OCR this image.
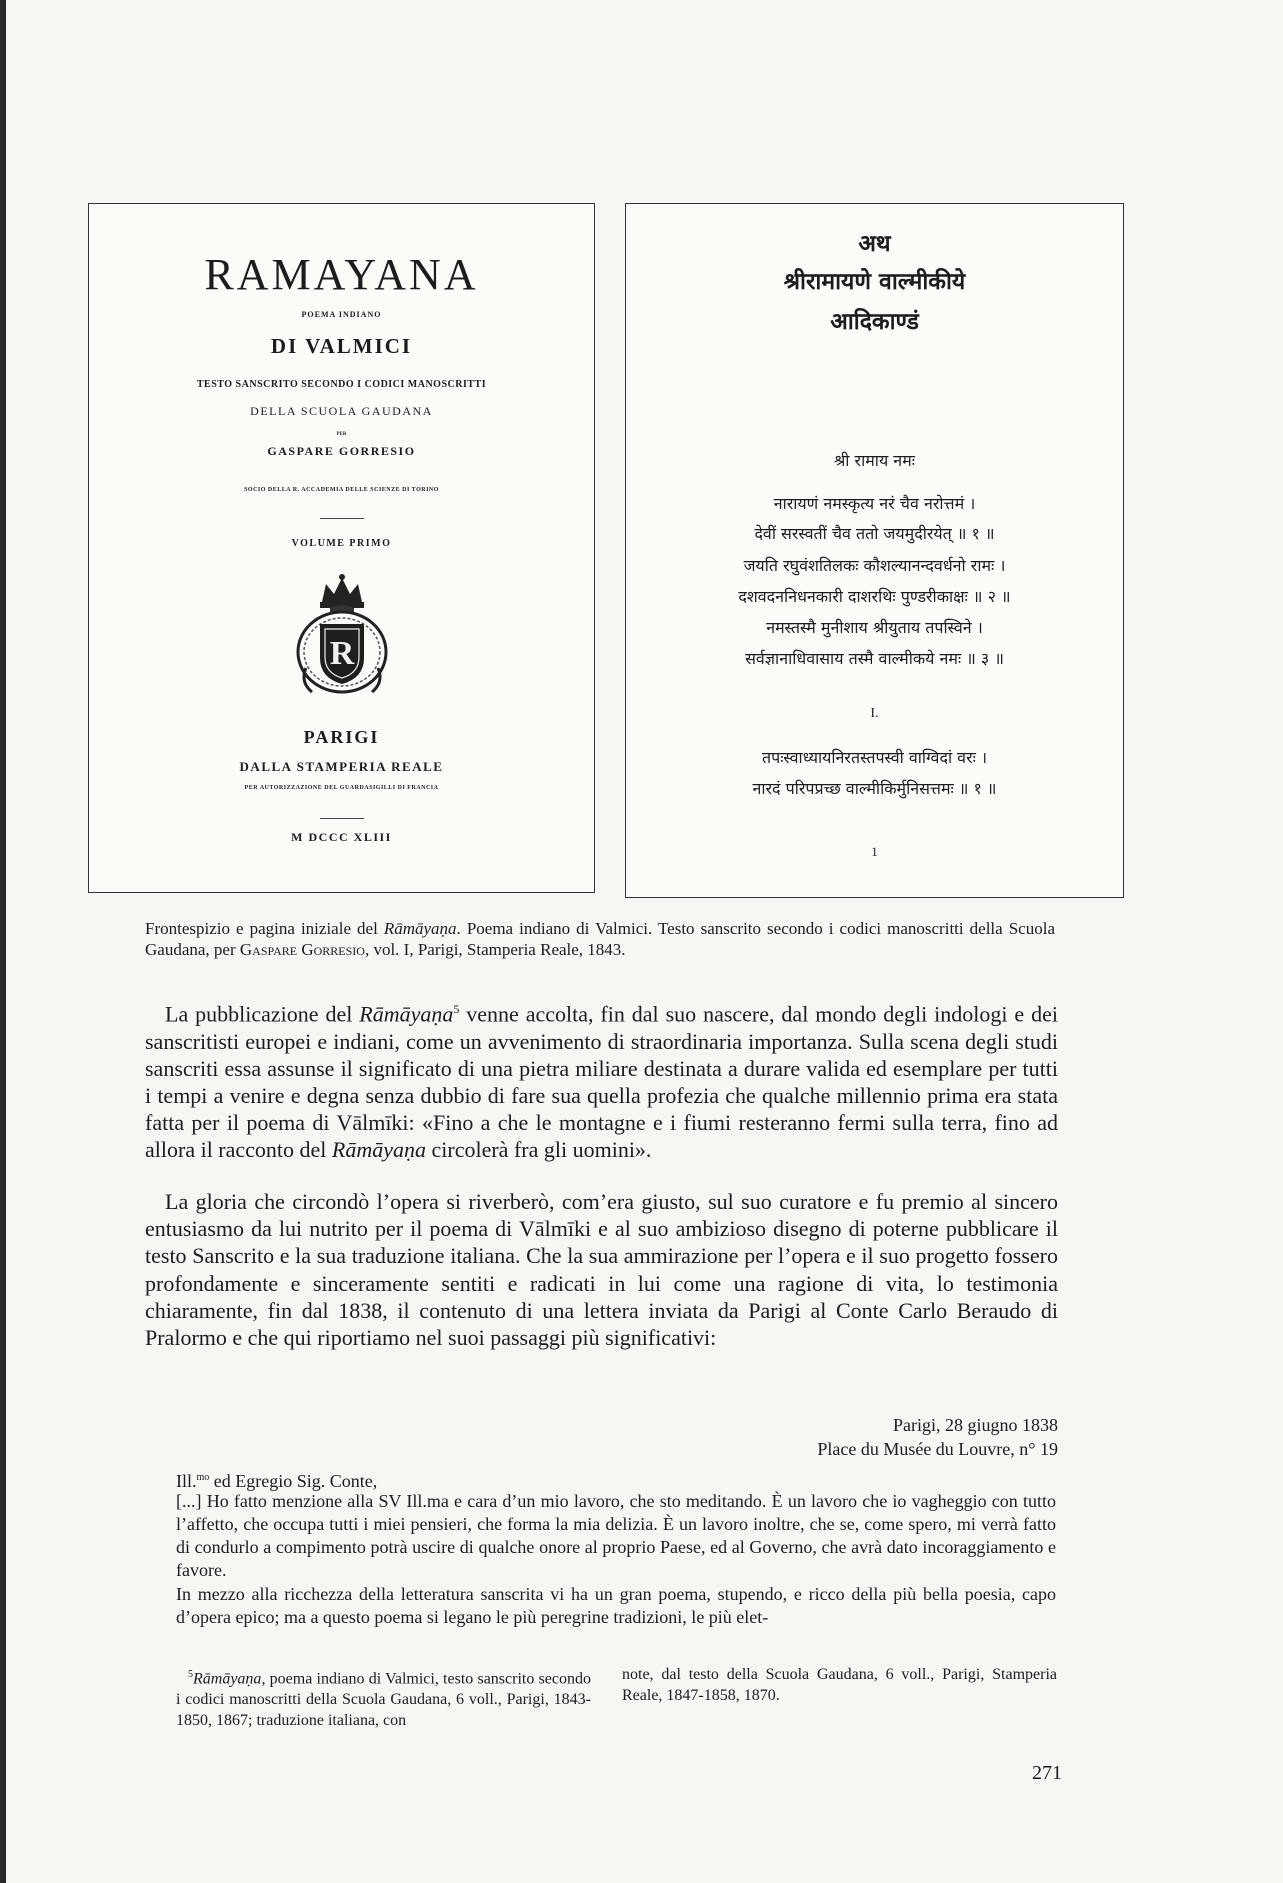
RAMAYANA
POEMA INDIANO
DI VALMICI
TESTO SANSCRITO SECONDO I CODICI MANOSCRITTI
DELLA SCUOLA GAUDANA
PER
GASPARE GORRESIO
SOCIO DELLA R. ACCADEMIA DELLE SCIENZE DI TORINO
VOLUME PRIMO
R
PARIGI
DALLA STAMPERIA REALE
PER AUTORIZZAZIONE DEL GUARDASIGILLI DI FRANCIA
M DCCC XLIII
अथ
श्रीरामायणे वाल्मीकीये
आदिकाण्डं
श्री रामाय नमः
नारायणं नमस्कृत्य नरं चैव नरोत्तमं ।
देवीं सरस्वतीं चैव ततो जयमुदीरयेत् ॥ १ ॥
जयति रघुवंशतिलकः कौशल्यानन्दवर्धनो रामः ।
दशवदननिधनकारी दाशरथिः पुण्डरीकाक्षः ॥ २ ॥
नमस्तस्मै मुनीशाय श्रीयुताय तपस्विने ।
सर्वज्ञानाधिवासाय तस्मै वाल्मीकये नमः ॥ ३ ॥
I.
तपःस्वाध्यायनिरतस्तपस्वी वाग्विदां वरः ।
नारदं परिपप्रच्छ वाल्मीकिर्मुनिसत्तमः ॥ १ ॥
1

Frontespizio e pagina iniziale del Rāmāyaṇa. Poema indiano di Valmici. Testo sanscrito secondo i codici manoscritti della Scuola Gaudana, per Gaspare Gorresio, vol. I, Parigi, Stamperia Reale, 1843.

La pubblicazione del Rāmāyaṇa$^5$ venne accolta, fin dal suo nascere, dal mondo degli indologi e dei sanscritisti europei e indiani, come un avvenimento di straordinaria importanza. Sulla scena degli studi sanscriti essa assunse il significato di una pietra miliare destinata a durare valida ed esemplare per tutti i tempi a venire e degna senza dubbio di fare sua quella profezia che qualche millennio prima era stata fatta per il poema di Vālmīki: «Fino a che le montagne e i fiumi resteranno fermi sulla terra, fino ad allora il racconto del Rāmāyaṇa circolerà fra gli uomini».

La gloria che circondò l’opera si riverberò, com’era giusto, sul suo curatore e fu premio al sincero entusiasmo da lui nutrito per il poema di Vālmīki e al suo ambizioso disegno di poterne pubblicare il testo Sanscrito e la sua traduzione italiana. Che la sua ammirazione per l’opera e il suo progetto fossero profondamente e sinceramente sentiti e radicati in lui come una ragione di vita, lo testimonia chiaramente, fin dal 1838, il contenuto di una lettera inviata da Parigi al Conte Carlo Beraudo di Pralormo e che qui riportiamo nel suoi passaggi più significativi:

Parigi, 28 giugno 1838
Place du Musée du Louvre, n° 19

Ill.$^{mo}$ ed Egregio Sig. Conte,

[...] Ho fatto menzione alla SV Ill.ma e cara d’un mio lavoro, che sto meditando. È un lavoro che io vagheggio con tutto l’affetto, che occupa tutti i miei pensieri, che forma la mia delizia. È un lavoro inoltre, che se, come spero, mi verrà fatto di condurlo a compimento potrà uscire di qualche onore al proprio Paese, ed al Governo, che avrà dato incoraggiamento e favore.

In mezzo alla ricchezza della letteratura sanscrita vi ha un gran poema, stupendo, e ricco della più bella poesia, capo d’opera epico; ma a questo poema si legano le più peregrine tradizioni, le più elet-

$^5$Rāmāyaṇa, poema indiano di Valmici, testo sanscrito secondo i codici manoscritti della Scuola Gaudana, 6 voll., Parigi, 1843-1850, 1867; traduzione italiana, con

note, dal testo della Scuola Gaudana, 6 voll., Parigi, Stamperia Reale, 1847-1858, 1870.

271
